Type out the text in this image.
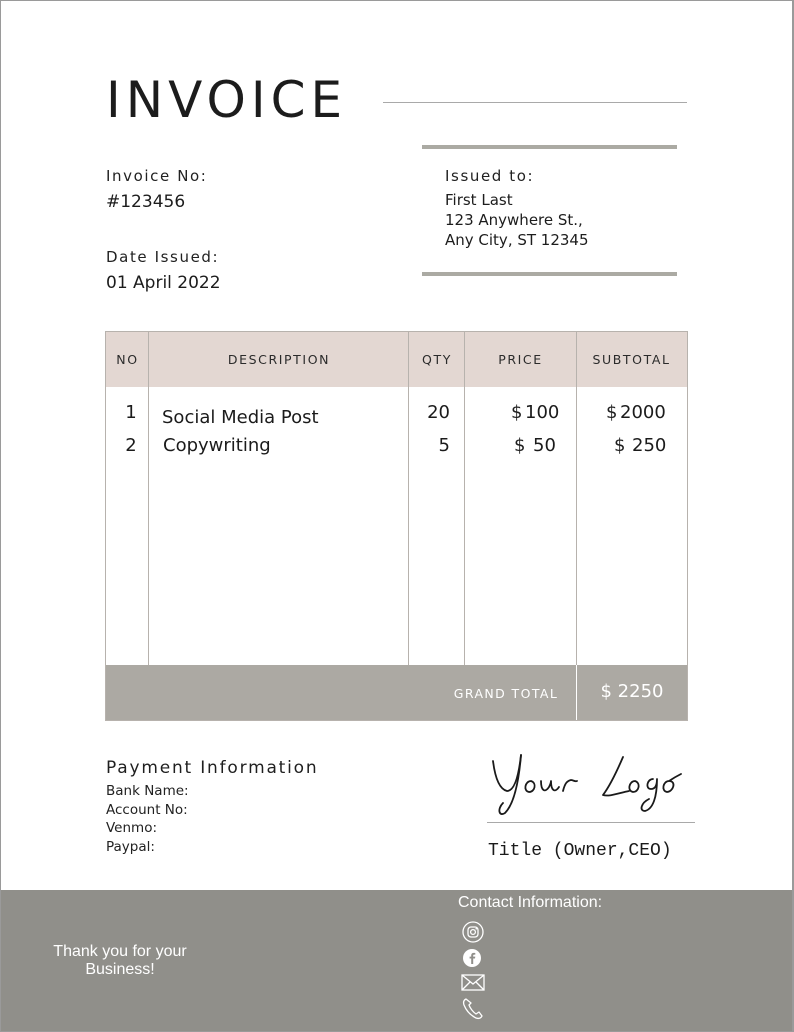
INVOICE
Invoice No:
#123456
Date Issued:
01 April 2022
Issued to:
First Last
123 Anywhere St.,
Any City, ST 12345
NO	DESCRIPTION	QTY	PRICE	SUBTOTAL
1	Social Media Post	20	$ 100	$ 2000
2	Copywriting	5	$ 50	$ 250
GRAND TOTAL	$ 2250
Payment Information
Bank Name:
Account No:
Venmo:
Paypal:	Title (Owner,CEO)
Thank you for your Business!
Contact Information:
